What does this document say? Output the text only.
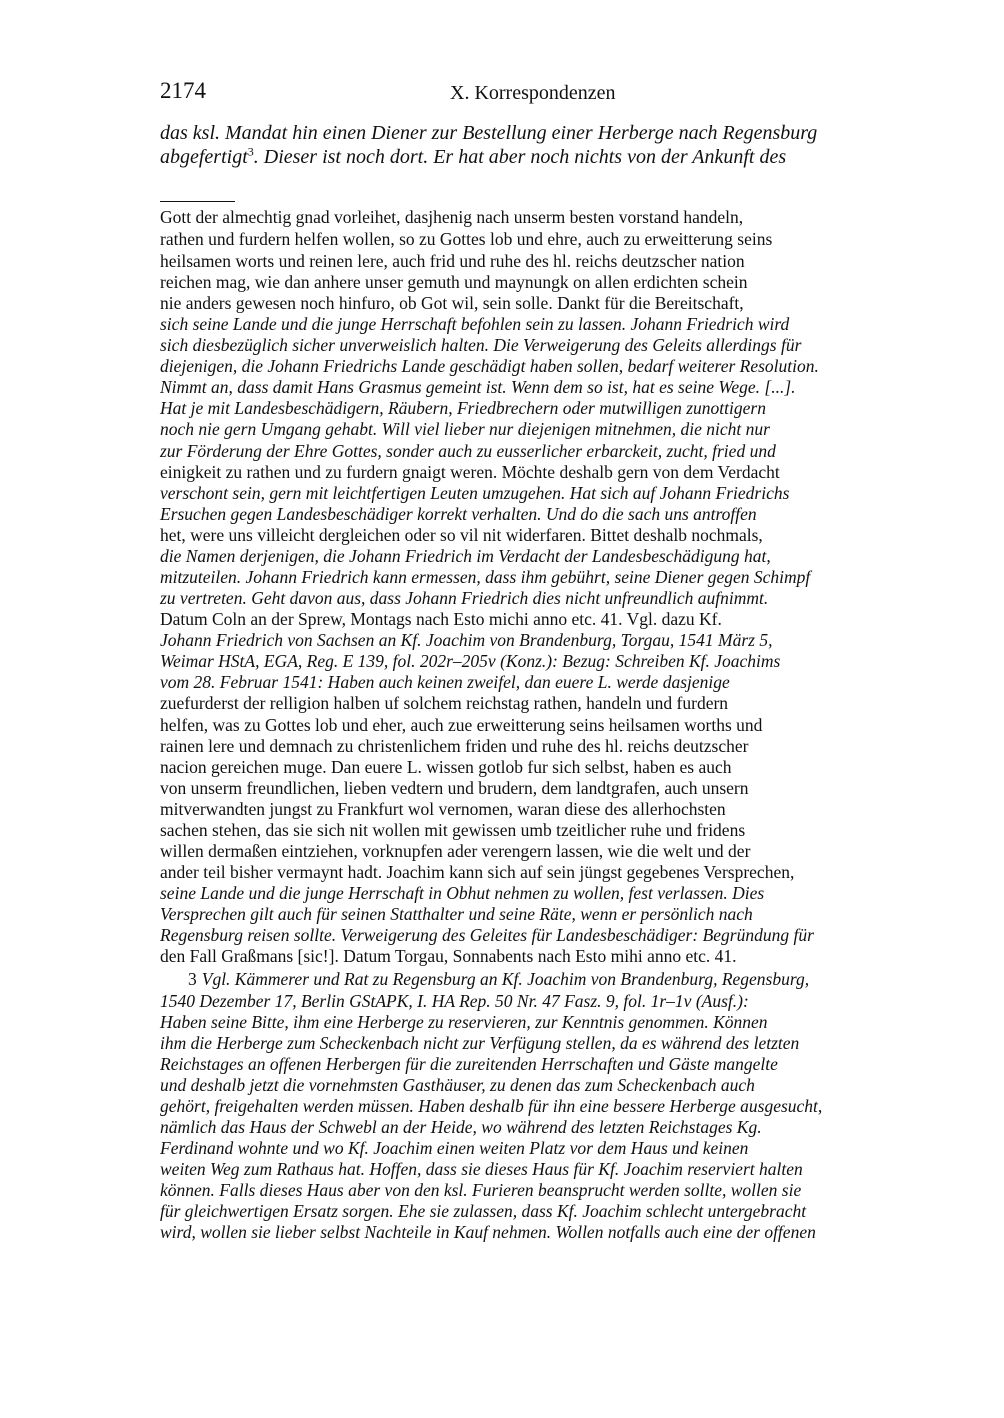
2174	X. Korrespondenzen
das ksl. Mandat hin einen Diener zur Bestellung einer Herberge nach Regensburg
abgefertigt$^3$. Dieser ist noch dort. Er hat aber noch nichts von der Ankunft des
Gott der almechtig gnad vorleihet, dasjhenig nach unserm besten vorstand handeln,
rathen und furdern helfen wollen, so zu Gottes lob und ehre, auch zu erweitterung seins
heilsamen worts und reinen lere, auch frid und ruhe des hl. reichs deutzscher nation
reichen mag, wie dan anhere unser gemuth und maynungk on allen erdichten schein
nie anders gewesen noch hinfuro, ob Got wil, sein solle. Dankt für die Bereitschaft,
sich seine Lande und die junge Herrschaft befohlen sein zu lassen. Johann Friedrich wird
sich diesbezüglich sicher unverweislich halten. Die Verweigerung des Geleits allerdings für
diejenigen, die Johann Friedrichs Lande geschädigt haben sollen, bedarf weiterer Resolution.
Nimmt an, dass damit Hans Grasmus gemeint ist. Wenn dem so ist, hat es seine Wege. [...].
Hat je mit Landesbeschädigern, Räubern, Friedbrechern oder mutwilligen zunottigern
noch nie gern Umgang gehabt. Will viel lieber nur diejenigen mitnehmen, die nicht nur
zur Förderung der Ehre Gottes, sonder auch zu eusserlicher erbarckeit, zucht, fried und
einigkeit zu rathen und zu furdern gnaigt weren. Möchte deshalb gern von dem Verdacht
verschont sein, gern mit leichtfertigen Leuten umzugehen. Hat sich auf Johann Friedrichs
Ersuchen gegen Landesbeschädiger korrekt verhalten. Und do die sach uns antroffen
het, were uns villeicht dergleichen oder so vil nit widerfaren. Bittet deshalb nochmals,
die Namen derjenigen, die Johann Friedrich im Verdacht der Landesbeschädigung hat,
mitzuteilen. Johann Friedrich kann ermessen, dass ihm gebührt, seine Diener gegen Schimpf
zu vertreten. Geht davon aus, dass Johann Friedrich dies nicht unfreundlich aufnimmt.
Datum Coln an der Sprew, Montags nach Esto michi anno etc. 41. Vgl. dazu Kf.
Johann Friedrich von Sachsen an Kf. Joachim von Brandenburg, Torgau, 1541 März 5,
Weimar HStA, EGA, Reg. E 139, fol. 202r–205v (Konz.): Bezug: Schreiben Kf. Joachims
vom 28. Februar 1541: Haben auch keinen zweifel, dan euere L. werde dasjenige
zuefurderst der relligion halben uf solchem reichstag rathen, handeln und furdern
helfen, was zu Gottes lob und eher, auch zue erweitterung seins heilsamen worths und
rainen lere und demnach zu christenlichem friden und ruhe des hl. reichs deutzscher
nacion gereichen muge. Dan euere L. wissen gotlob fur sich selbst, haben es auch
von unserm freundlichen, lieben vedtern und brudern, dem landtgrafen, auch unsern
mitverwandten jungst zu Frankfurt wol vernomen, waran diese des allerhochsten
sachen stehen, das sie sich nit wollen mit gewissen umb tzeitlicher ruhe und fridens
willen dermaßen eintziehen, vorknupfen ader verengern lassen, wie die welt und der
ander teil bisher vermaynt hadt. Joachim kann sich auf sein jüngst gegebenes Versprechen,
seine Lande und die junge Herrschaft in Obhut nehmen zu wollen, fest verlassen. Dies
Versprechen gilt auch für seinen Statthalter und seine Räte, wenn er persönlich nach
Regensburg reisen sollte. Verweigerung des Geleites für Landesbeschädiger: Begründung für
den Fall Graßmans [sic!]. Datum Torgau, Sonnabents nach Esto mihi anno etc. 41.
3 Vgl. Kämmerer und Rat zu Regensburg an Kf. Joachim von Brandenburg, Regensburg,
1540 Dezember 17, Berlin GStAPK, I. HA Rep. 50 Nr. 47 Fasz. 9, fol. 1r–1v (Ausf.):
Haben seine Bitte, ihm eine Herberge zu reservieren, zur Kenntnis genommen. Können
ihm die Herberge zum Scheckenbach nicht zur Verfügung stellen, da es während des letzten
Reichstages an offenen Herbergen für die zureitenden Herrschaften und Gäste mangelte
und deshalb jetzt die vornehmsten Gasthäuser, zu denen das zum Scheckenbach auch
gehört, freigehalten werden müssen. Haben deshalb für ihn eine bessere Herberge ausgesucht,
nämlich das Haus der Schwebl an der Heide, wo während des letzten Reichstages Kg.
Ferdinand wohnte und wo Kf. Joachim einen weiten Platz vor dem Haus und keinen
weiten Weg zum Rathaus hat. Hoffen, dass sie dieses Haus für Kf. Joachim reserviert halten
können. Falls dieses Haus aber von den ksl. Furieren beansprucht werden sollte, wollen sie
für gleichwertigen Ersatz sorgen. Ehe sie zulassen, dass Kf. Joachim schlecht untergebracht
wird, wollen sie lieber selbst Nachteile in Kauf nehmen. Wollen notfalls auch eine der offenen
